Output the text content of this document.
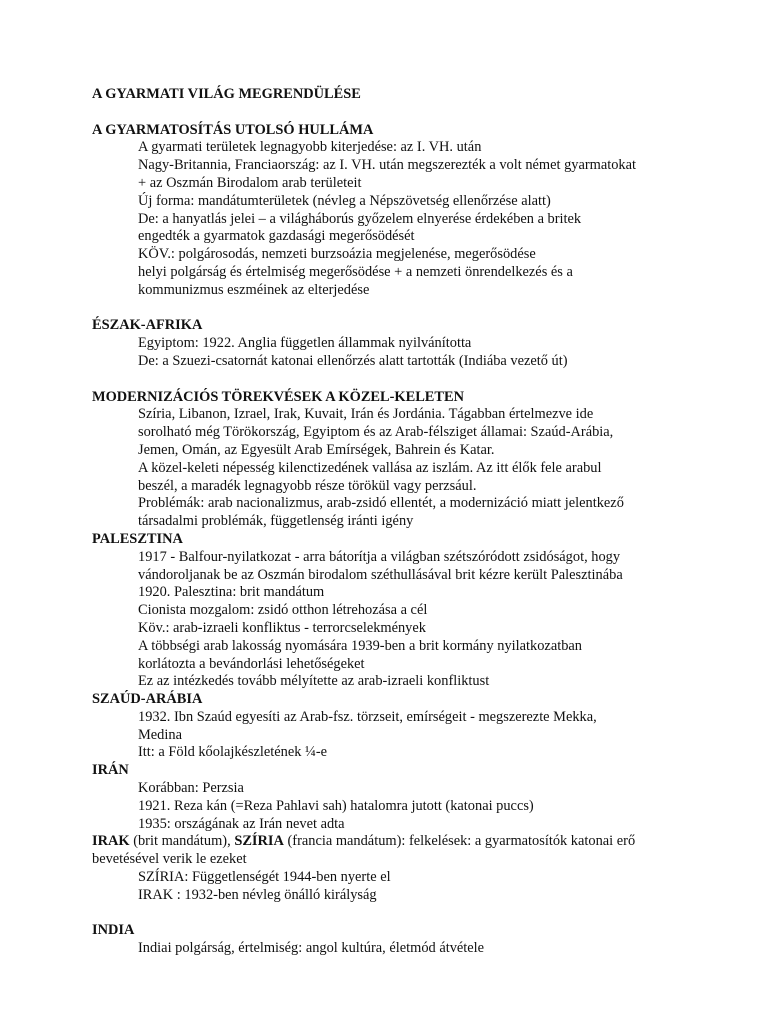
A GYARMATI VILÁG MEGRENDÜLÉSE
A GYARMATOSÍTÁS UTOLSÓ HULLÁMA
A gyarmati területek legnagyobb kiterjedése: az I. VH. után
Nagy-Britannia, Franciaország: az I. VH. után megszerezték a volt német gyarmatokat
+ az Oszmán Birodalom arab területeit
Új forma: mandátumterületek (névleg a Népszövetség ellenőrzése alatt)
De: a hanyatlás jelei – a világháborús győzelem elnyerése érdekében a britek
engedték a gyarmatok gazdasági megerősödését
KÖV.: polgárosodás, nemzeti burzsoázia megjelenése, megerősödése
helyi polgárság és értelmiség megerősödése + a nemzeti önrendelkezés és a
kommunizmus eszméinek az elterjedése
ÉSZAK-AFRIKA
Egyiptom: 1922. Anglia független állammak nyilvánította
De: a Szuezi-csatornát katonai ellenőrzés alatt tartották (Indiába vezető út)
MODERNIZÁCIÓS TÖREKVÉSEK A KÖZEL-KELETEN
Szíria, Libanon, Izrael, Irak, Kuvait, Irán és Jordánia. Tágabban értelmezve ide
sorolható még Törökország, Egyiptom és az Arab-félsziget államai: Szaúd-Arábia,
Jemen, Omán, az Egyesült Arab Emírségek, Bahrein és Katar.
A közel-keleti népesség kilenctizedének vallása az iszlám. Az itt élők fele arabul
beszél, a maradék legnagyobb része törökül vagy perzsául.
Problémák: arab nacionalizmus, arab-zsidó ellentét, a modernizáció miatt jelentkező
társadalmi problémák, függetlenség iránti igény
PALESZTINA
1917 - Balfour-nyilatkozat - arra bátorítja a világban szétszóródott zsidóságot, hogy
vándoroljanak be az Oszmán birodalom széthullásával brit kézre került Palesztinába
1920. Palesztina: brit mandátum
Cionista mozgalom: zsidó otthon létrehozása a cél
Köv.: arab-izraeli konfliktus - terrorcselekmények
A többségi arab lakosság nyomására 1939-ben a brit kormány nyilatkozatban
korlátozta a bevándorlási lehetőségeket
Ez az intézkedés tovább mélyítette az arab-izraeli konfliktust
SZAÚD-ARÁBIA
1932. Ibn Szaúd egyesíti az Arab-fsz. törzseit, emírségeit - megszerezte Mekka,
Medina
Itt: a Föld kőolajkészletének ¼-e
IRÁN
Korábban: Perzsia
1921. Reza kán (=Reza Pahlavi sah) hatalomra jutott (katonai puccs)
1935: országának az Irán nevet adta
IRAK (brit mandátum), SZÍRIA (francia mandátum): felkelések: a gyarmatosítók katonai erő
bevetésével verik le ezeket
SZÍRIA: Függetlenségét 1944-ben nyerte el
IRAK : 1932-ben névleg önálló királyság
INDIA
Indiai polgárság, értelmiség: angol kultúra, életmód átvétele
